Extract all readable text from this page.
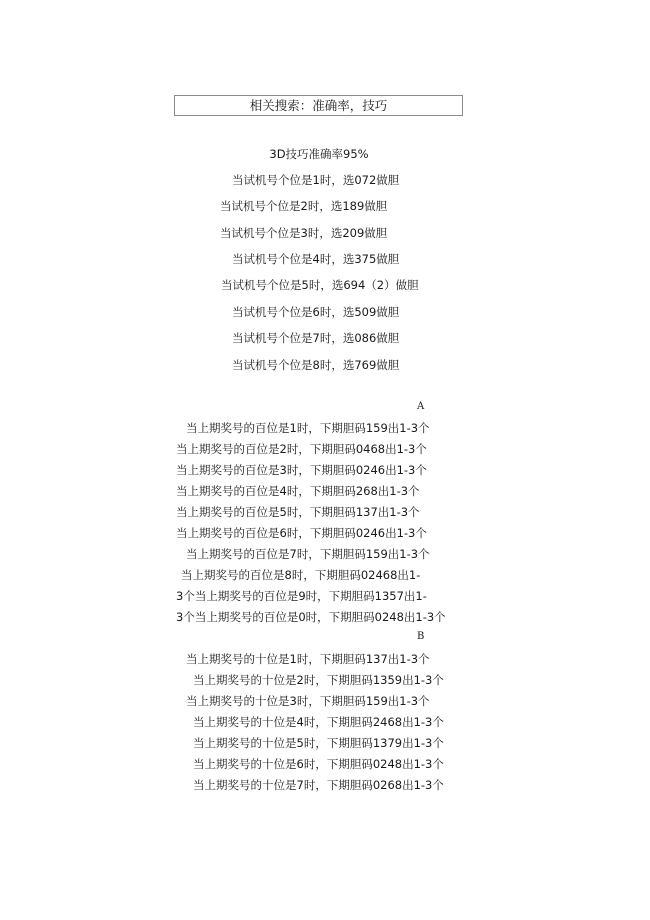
相关搜索：准确率，技巧
3D技巧准确率95%
当试机号个位是1时，选072做胆
当试机号个位是2时，选189做胆
当试机号个位是3时，选209做胆
当试机号个位是4时，选375做胆
当试机号个位是5时，选694（2）做胆
当试机号个位是6时，选509做胆
当试机号个位是7时，选086做胆
当试机号个位是8时，选769做胆
A
当上期奖号的百位是1时，下期胆码159出1-3个
当上期奖号的百位是2时，下期胆码0468出1-3个
当上期奖号的百位是3时，下期胆码0246出1-3个
当上期奖号的百位是4时，下期胆码268出1-3个
当上期奖号的百位是5时，下期胆码137出1-3个
当上期奖号的百位是6时，下期胆码0246出1-3个
当上期奖号的百位是7时，下期胆码159出1-3个
当上期奖号的百位是8时，下期胆码02468出1-
3个当上期奖号的百位是9时，下期胆码1357出1-
3个当上期奖号的百位是0时，下期胆码0248出1-3个
B
当上期奖号的十位是1时，下期胆码137出1-3个
当上期奖号的十位是2时，下期胆码1359出1-3个
当上期奖号的十位是3时，下期胆码159出1-3个
当上期奖号的十位是4时，下期胆码2468出1-3个
当上期奖号的十位是5时，下期胆码1379出1-3个
当上期奖号的十位是6时，下期胆码0248出1-3个
当上期奖号的十位是7时，下期胆码0268出1-3个
